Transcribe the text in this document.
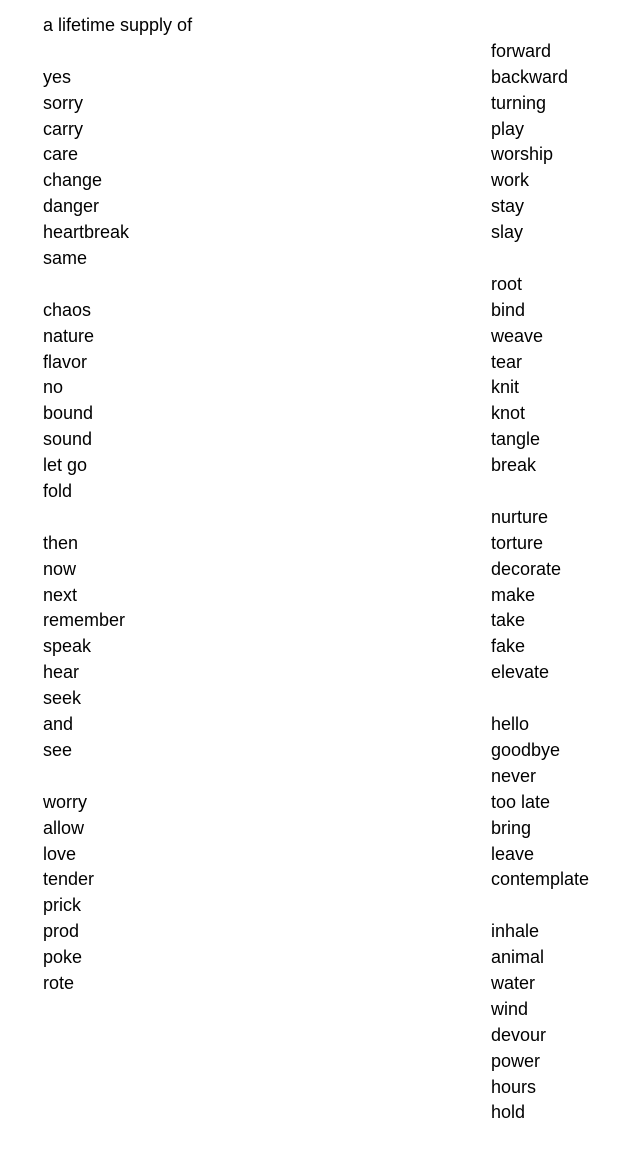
a lifetime supply of

yes
sorry
carry
care
change
danger
heartbreak
same

chaos
nature
flavor
no
bound
sound
let go
fold

then
now
next
remember
speak
hear
seek
and
see

worry
allow
love
tender
prick
prod
poke
rote

forward
backward
turning
play
worship
work
stay
slay

root
bind
weave
tear
knit
knot
tangle
break

nurture
torture
decorate
make
take
fake
elevate

hello
goodbye
never
too late
bring
leave
contemplate

inhale
animal
water
wind
devour
power
hours
hold
